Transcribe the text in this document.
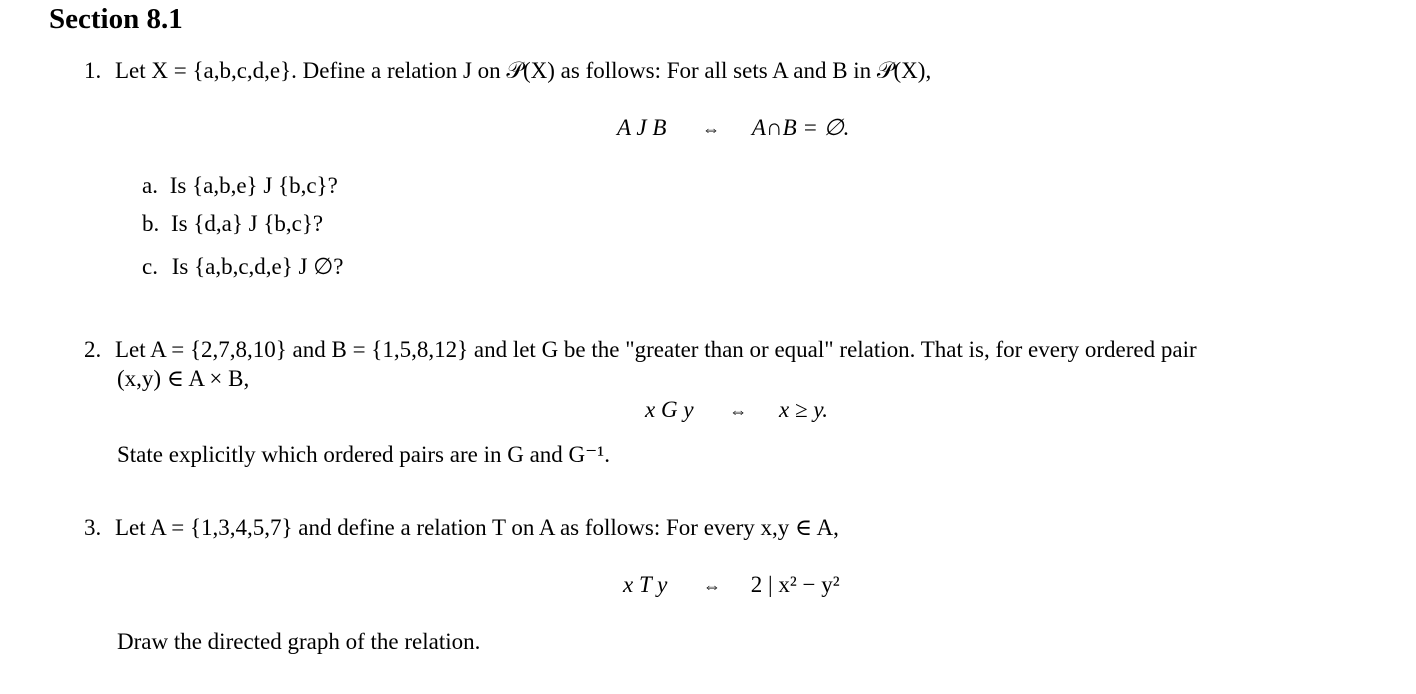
Section 8.1
1. Let X = {a,b,c,d,e}. Define a relation J on 𝒫(X) as follows: For all sets A and B in 𝒫(X),
A J B ⇔ A∩B = ∅.
a. Is {a,b,e} J {b,c}?
b. Is {d,a} J {b,c}?
c. Is {a,b,c,d,e} J ∅?
2. Let A = {2,7,8,10} and B = {1,5,8,12} and let G be the "greater than or equal" relation. That is, for every ordered pair
(x,y) ∈ A × B,
x G y ⇔ x ≥ y.
State explicitly which ordered pairs are in G and G⁻¹.
3. Let A = {1,3,4,5,7} and define a relation T on A as follows: For every x,y ∈ A,
x T y ⇔ 2 | x² − y²
Draw the directed graph of the relation.
